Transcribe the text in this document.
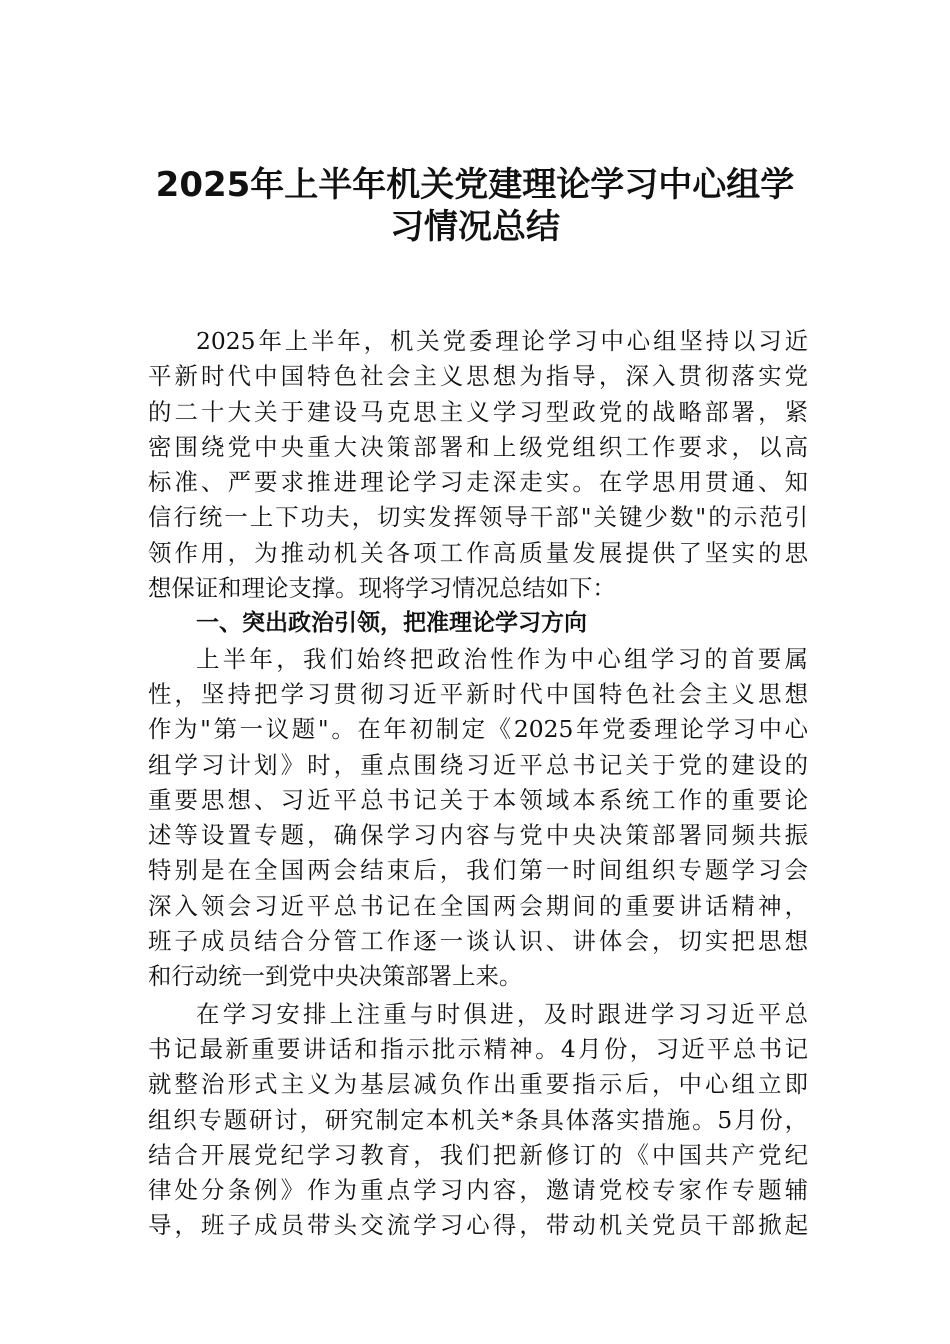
2025年上半年机关党建理论学习中心组学
习情况总结
2025年上半年，机关党委理论学习中心组坚持以习近
平新时代中国特色社会主义思想为指导，深入贯彻落实党
的二十大关于建设马克思主义学习型政党的战略部署，紧
密围绕党中央重大决策部署和上级党组织工作要求，以高
标准、严要求推进理论学习走深走实。在学思用贯通、知
信行统一上下功夫，切实发挥领导干部"关键少数"的示范引
领作用，为推动机关各项工作高质量发展提供了坚实的思
想保证和理论支撑。现将学习情况总结如下：
一、突出政治引领，把准理论学习方向
上半年，我们始终把政治性作为中心组学习的首要属
性，坚持把学习贯彻习近平新时代中国特色社会主义思想
作为"第一议题"。在年初制定《2025年党委理论学习中心
组学习计划》时，重点围绕习近平总书记关于党的建设的
重要思想、习近平总书记关于本领域本系统工作的重要论
述等设置专题，确保学习内容与党中央决策部署同频共振
特别是在全国两会结束后，我们第一时间组织专题学习会
深入领会习近平总书记在全国两会期间的重要讲话精神，
班子成员结合分管工作逐一谈认识、讲体会，切实把思想
和行动统一到党中央决策部署上来。
在学习安排上注重与时俱进，及时跟进学习习近平总
书记最新重要讲话和指示批示精神。4月份，习近平总书记
就整治形式主义为基层减负作出重要指示后，中心组立即
组织专题研讨，研究制定本机关*条具体落实措施。5月份，
结合开展党纪学习教育，我们把新修订的《中国共产党纪
律处分条例》作为重点学习内容，邀请党校专家作专题辅
导，班子成员带头交流学习心得，带动机关党员干部掀起
